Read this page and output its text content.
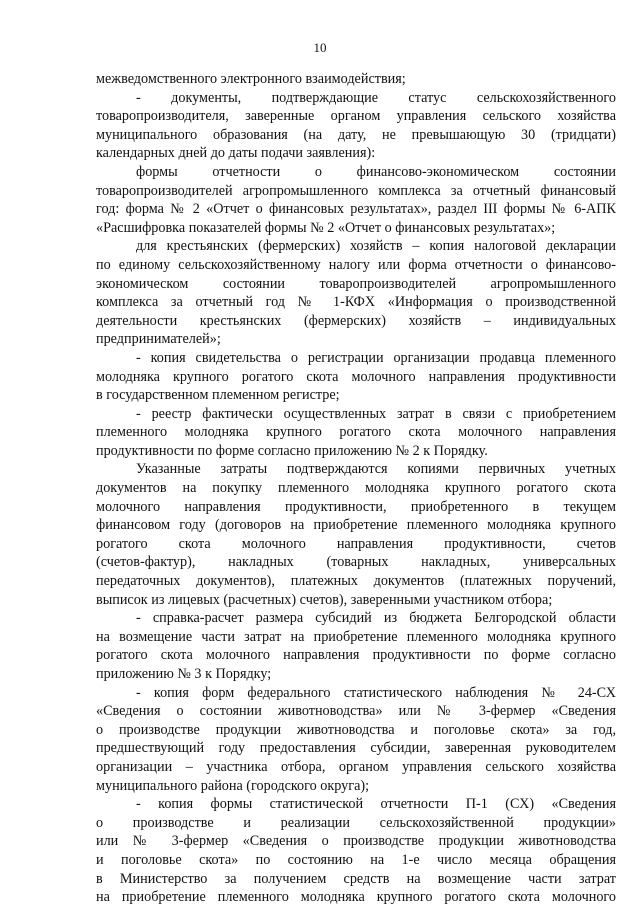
10
межведомственного электронного взаимодействия;
- документы, подтверждающие статус сельскохозяйственного
товаропроизводителя, заверенные органом управления сельского хозяйства
муниципального образования (на дату, не превышающую 30 (тридцати)
календарных дней до даты подачи заявления):
формы отчетности о финансово-экономическом состоянии
товаропроизводителей агропромышленного комплекса за отчетный финансовый
год: форма № 2 «Отчет о финансовых результатах», раздел III формы № 6-АПК
«Расшифровка показателей формы № 2 «Отчет о финансовых результатах»;
для крестьянских (фермерских) хозяйств – копия налоговой декларации
по единому сельскохозяйственному налогу или форма отчетности о финансово-
экономическом состоянии товаропроизводителей агропромышленного
комплекса за отчетный год № 1-КФХ «Информация о производственной
деятельности крестьянских (фермерских) хозяйств – индивидуальных
предпринимателей»;
- копия свидетельства о регистрации организации продавца племенного
молодняка крупного рогатого скота молочного направления продуктивности
в государственном племенном регистре;
- реестр фактически осуществленных затрат в связи с приобретением
племенного молодняка крупного рогатого скота молочного направления
продуктивности по форме согласно приложению № 2 к Порядку.
Указанные затраты подтверждаются копиями первичных учетных
документов на покупку племенного молодняка крупного рогатого скота
молочного направления продуктивности, приобретенного в текущем
финансовом году (договоров на приобретение племенного молодняка крупного
рогатого скота молочного направления продуктивности, счетов
(счетов-фактур), накладных (товарных накладных, универсальных
передаточных документов), платежных документов (платежных поручений,
выписок из лицевых (расчетных) счетов), заверенными участником отбора;
- справка-расчет размера субсидий из бюджета Белгородской области
на возмещение части затрат на приобретение племенного молодняка крупного
рогатого скота молочного направления продуктивности по форме согласно
приложению № 3 к Порядку;
- копия форм федерального статистического наблюдения № 24-СХ
«Сведения о состоянии животноводства» или № 3-фермер «Сведения
о производстве продукции животноводства и поголовье скота» за год,
предшествующий году предоставления субсидии, заверенная руководителем
организации – участника отбора, органом управления сельского хозяйства
муниципального района (городского округа);
- копия формы статистической отчетности П-1 (СХ) «Сведения
о производстве и реализации сельскохозяйственной продукции»
или № 3-фермер «Сведения о производстве продукции животноводства
и поголовье скота» по состоянию на 1-е число месяца обращения
в Министерство за получением средств на возмещение части затрат
на приобретение племенного молодняка крупного рогатого скота молочного
